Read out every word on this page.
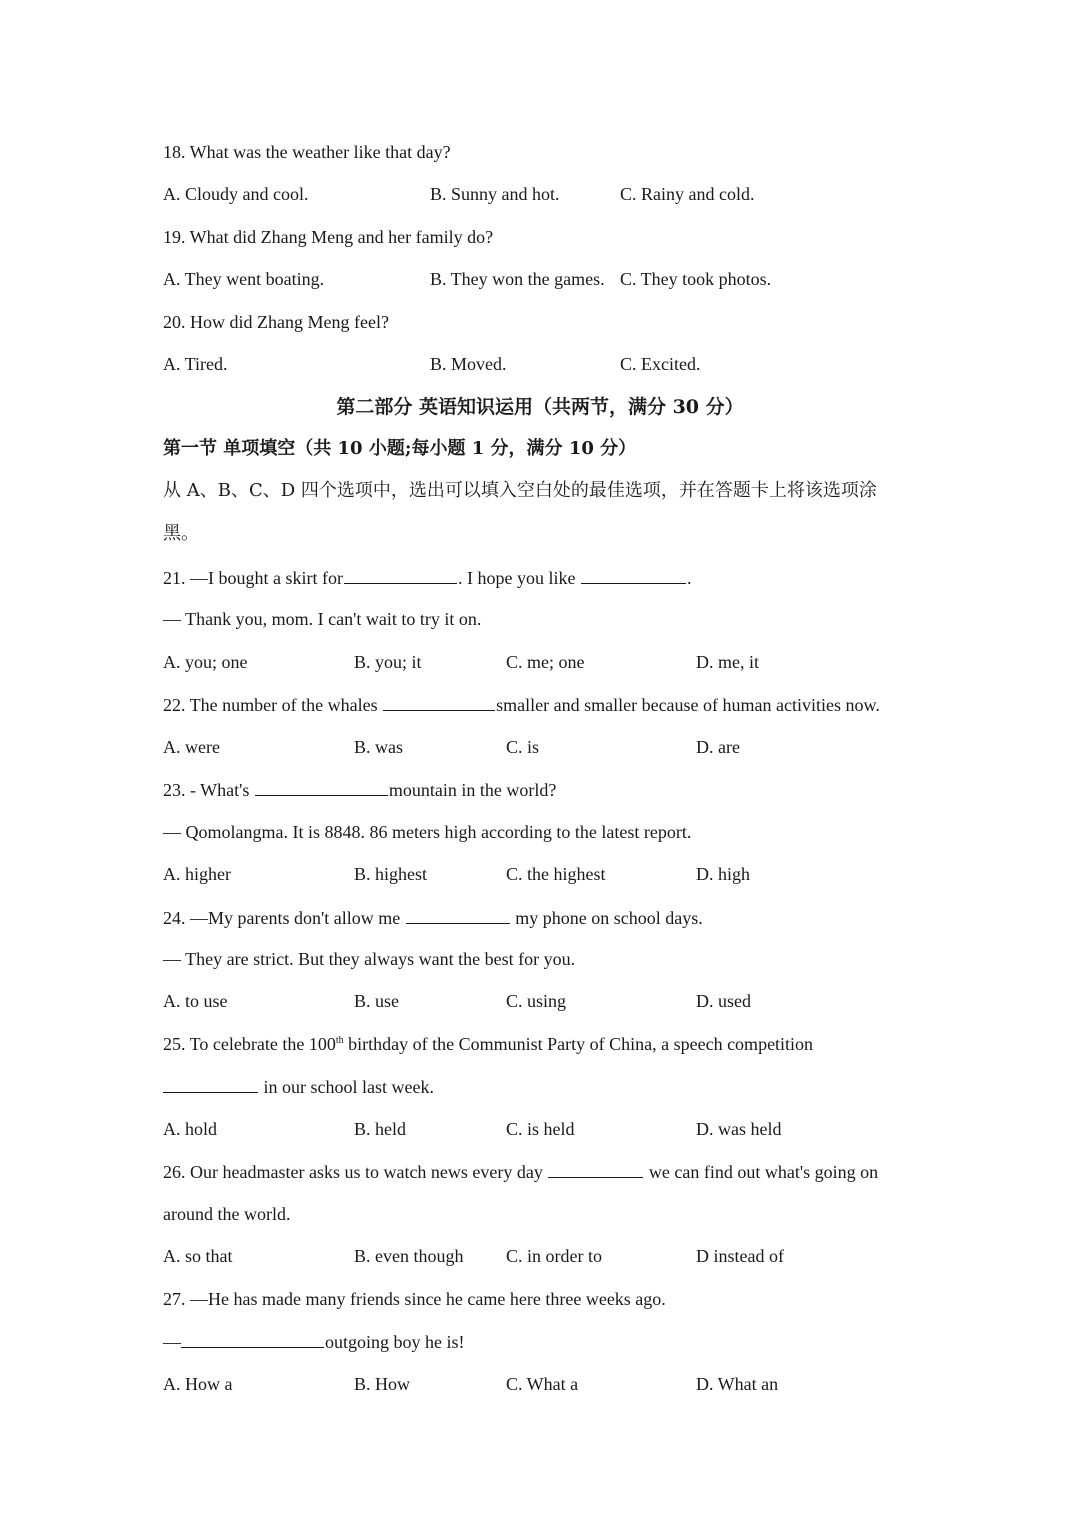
18. What was the weather like that day?
A. Cloudy and cool.	B. Sunny and hot.	C. Rainy and cold.
19. What did Zhang Meng and her family do?
A. They went boating.	B. They won the games. C. They took photos.
20. How did Zhang Meng feel?
A. Tired.	B. Moved.	C. Excited.
第二部分 英语知识运用（共两节，满分 30 分）
第一节 单项填空（共 10 小题;每小题 1 分，满分 10 分）
从 A、B、C、D 四个选项中，选出可以填入空白处的最佳选项，并在答题卡上将该选项涂
黑。
21. —I bought a skirt for	. I hope you like	.
— Thank you, mom. I can't wait to try it on.
A. you; one	B. you; it	C. me; one	D. me, it
22. The number of the whales	smaller and smaller because of human activities now.
A. were	B. was	C. is	D. are
23. - What's	mountain in the world?
— Qomolangma. It is 8848. 86 meters high according to the latest report.
A. higher	B. highest	C. the highest	D. high
24. —My parents don't allow me	my phone on school days.
— They are strict. But they always want the best for you.
A. to use	B. use	C. using	D. used
25. To celebrate the 100th birthday of the Communist Party of China, a speech competition
in our school last week.
A. hold	B. held	C. is held	D. was held
26. Our headmaster asks us to watch news every day	we can find out what's going on
around the world.
A. so that	B. even though C. in order to	D instead of
27. —He has made many friends since he came here three weeks ago.
—	outgoing boy he is!
A. How a	B. How	C. What a	D. What an
